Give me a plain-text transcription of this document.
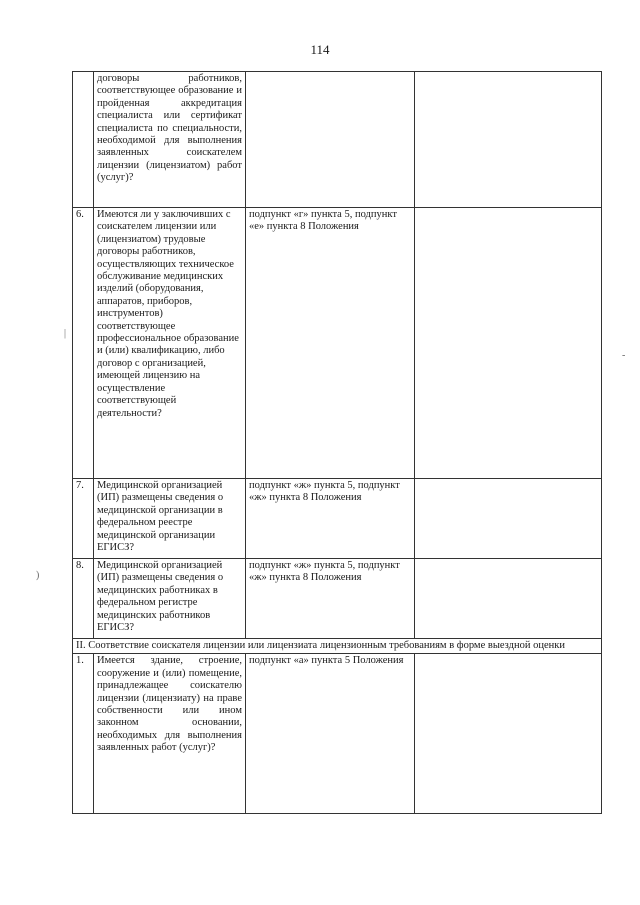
114
|
)
-
	договоры работников, соответствующее образование и пройденная аккредитация специалиста или сертификат специалиста по специальности, необходимой для выполнения заявленных соискателем лицензии (лицензиатом) работ (услуг)?		
6.	Имеются ли у заключивших с соискателем лицензии или (лицензиатом) трудовые договоры работников, осуществляющих техническое обслуживание медицинских изделий (оборудования, аппаратов, приборов, инструментов) соответствующее профессиональное образование и (или) квалификацию, либо договор с организацией, имеющей лицензию на осуществление соответствующей деятельности?	подпункт «г» пункта 5, подпункт «е» пункта 8 Положения	
7.	Медицинской организацией (ИП) размещены сведения о медицинской организации в федеральном реестре медицинской организации ЕГИСЗ?	подпункт «ж» пункта 5, подпункт «ж» пункта 8 Положения	
8.	Медицинской организацией (ИП) размещены сведения о медицинских работниках в федеральном регистре медицинских работников ЕГИСЗ?	подпункт «ж» пункта 5, подпункт «ж» пункта 8 Положения	
II. Соответствие соискателя лицензии или лицензиата лицензионным требованиям в форме выездной оценки			
1.	Имеется здание, строение, сооружение и (или) помещение, принадлежащее соискателю лицензии (лицензиату) на праве собственности или ином законном основании, необходимых для выполнения заявленных работ (услуг)?	подпункт «а» пункта 5 Положения	
